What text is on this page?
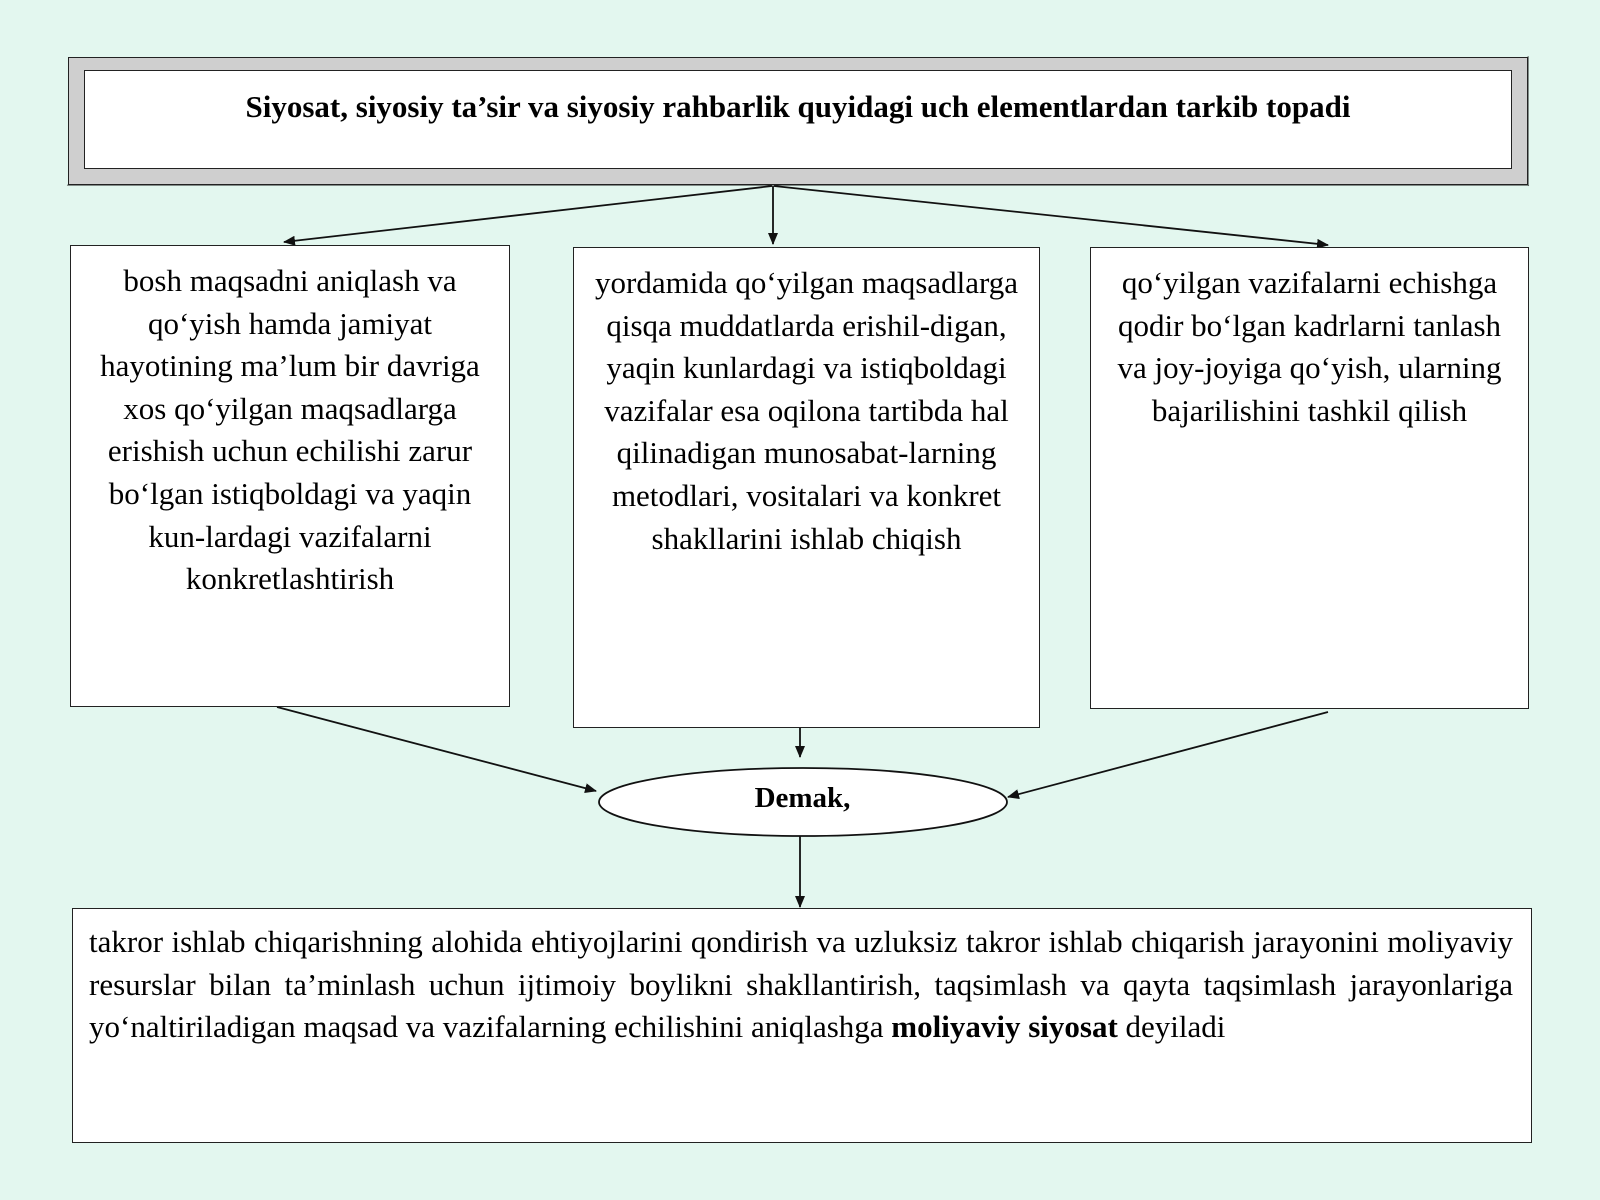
Siyosat, siyosiy ta’sir va siyosiy rahbarlik quyidagi uch elementlardan tarkib topadi
bosh maqsadni aniqlash va qo‘yish hamda jamiyat hayotining ma’lum bir davriga xos qo‘yilgan maqsadlarga erishish uchun echilishi zarur bo‘lgan istiqboldagi va yaqin kun-lardagi vazifalarni konkretlashtirish
yordamida qo‘yilgan maqsadlarga qisqa muddatlarda erishil-digan, yaqin kunlardagi va istiqboldagi vazifalar esa oqilona tartibda hal qilinadigan munosabat-larning metodlari, vositalari va konkret shakllarini ishlab chiqish
qo‘yilgan vazifalarni echishga qodir bo‘lgan kadrlarni tanlash va joy-joyiga qo‘yish, ularning bajarilishini tashkil qilish
Demak,
takror ishlab chiqarishning alohida ehtiyojlarini qondirish va uzluksiz takror ishlab chiqarish jarayonini moliyaviy resurslar bilan ta’minlash uchun ijtimoiy boylikni shakllantirish, taqsimlash va qayta taqsimlash jarayonlariga yo‘naltiriladigan maqsad va vazifalarning echilishini aniqlashga moliyaviy siyosat deyiladi
